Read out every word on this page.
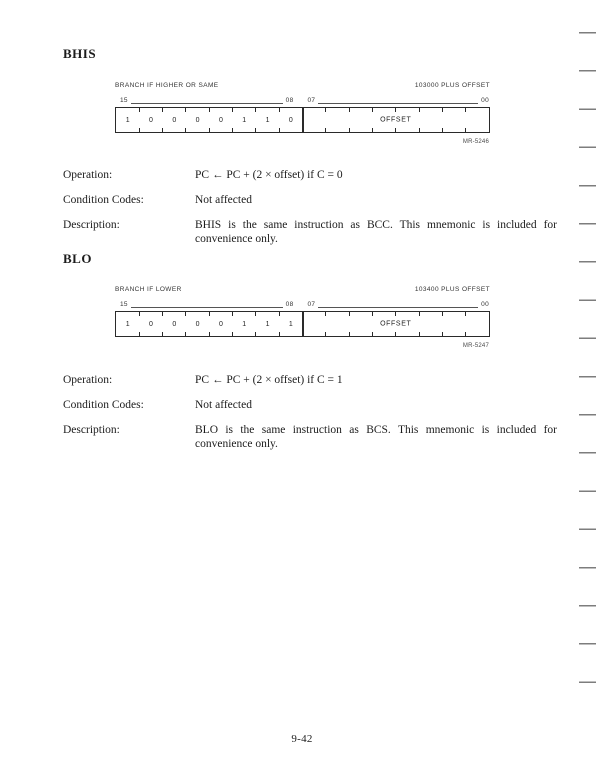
BHIS
BRANCH IF HIGHER OR SAME	103000 PLUS OFFSET
15	08 07	00
1	0	0	0	0	1	1	0	OFFSET
MR-5246
Operation:	PC ← PC + (2 × offset) if C = 0
Condition Codes:	Not affected
Description:	BHIS is the same instruction as BCC. This mnemonic is included for convenience only.
BLO
BRANCH IF LOWER	103400 PLUS OFFSET
15	08 07	00
1	0	0	0	0	1	1	1	OFFSET
MR-5247
Operation:	PC ← PC + (2 × offset) if C = 1
Condition Codes:	Not affected
Description:	BLO is the same instruction as BCS. This mnemonic is included for convenience only.
9-42
